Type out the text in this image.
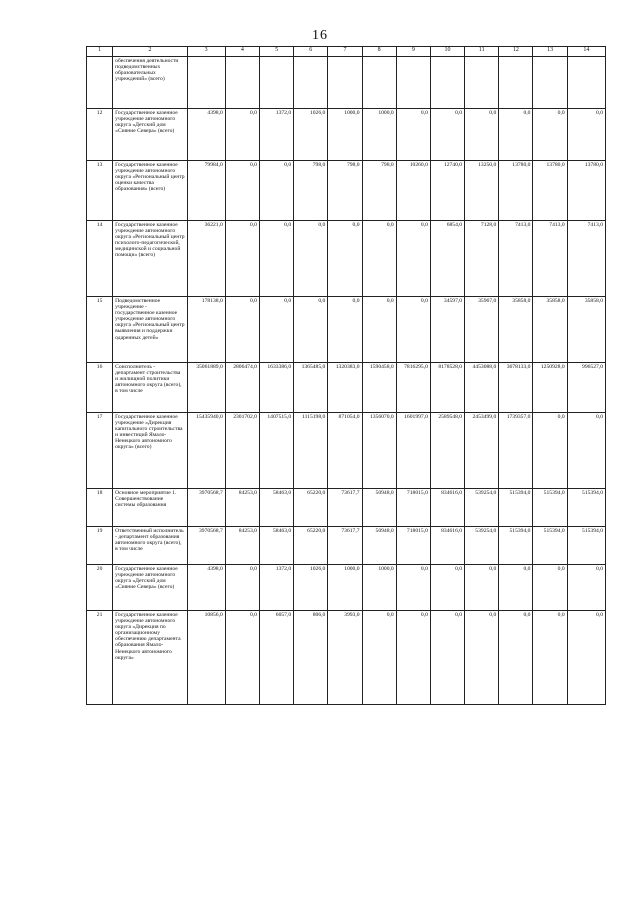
16
1	2	3	4	5	6	7	8	9	10	11	12	13	14
	обеспечения деятельности подведомственных образовательных учреждений» (всего)												
12	Государственное казенное учреждение автономного округа «Детский дом «Сияние Севера» (всего)	4398,0	0,0	1372,0	1026,0	1000,0	1000,0	0,0	0,0	0,0	0,0	0,0	0,0
13	Государственное казенное учреждение автономного округа «Региональный центр оценки качества образования» (всего)	79984,0	0,0	0,0	798,0	798,0	798,0	10260,0	12740,0	13250,0	13780,0	13780,0	13780,0
14	Государственное казенное учреждение автономного округа «Региональный центр психолого-педагогической, медицинской и социальной помощи» (всего)	36221,0	0,0	0,0	0,0	0,0	0,0	0,0	6854,0	7128,0	7413,0	7413,0	7413,0
15	Подведомственное учреждение - государственное казенное учреждение автономного округа «Региональный центр выявления и поддержки одаренных детей»	178138,0	0,0	0,0	0,0	0,0	0,0	0,0	34597,0	35967,0	35858,0	35858,0	35858,0
16	Соисполнитель - департамент строительства и жилищной политики автономного округа (всего), в том числе	35061889,0	2806474,0	1633386,0	1365485,0	1320383,0	1590458,0	7816295,0	8178528,0	4453088,0	3678133,0	1250928,0	996527,0
17	Государственное казенное учреждение «Дирекция капитального строительства и инвестиций Ямало-Ненецкого автономного округа» (всего)	15435940,0	2301702,0	1407515,0	1115198,0	871054,0	1356070,0	1601997,0	2589548,0	2453499,0	1739357,0	0,0	0,0
18	Основное мероприятие 1. Совершенствование системы образования	3970568,7	84253,0	58463,0	65220,0	73617,7	50948,0	718015,0	834616,0	539254,0	515394,0	515394,0	515394,0
19	Ответственный исполнитель - департамент образования автономного округа (всего), в том числе	3970568,7	84253,0	58463,0	65220,0	73617,7	50948,0	718015,0	834616,0	539254,0	515394,0	515394,0	515394,0
20	Государственное казенное учреждение автономного округа «Детский дом «Сияние Севера» (всего)	4398,0	0,0	1372,0	1026,0	1000,0	1000,0	0,0	0,0	0,0	0,0	0,0	0,0
21	Государственное казенное учреждение автономного округа «Дирекция по организационному обеспечению департамента образования Ямало-Ненецкого автономного округа»	10856,0	0,0	6057,0	806,0	3993,0	0,0	0,0	0,0	0,0	0,0	0,0	0,0
